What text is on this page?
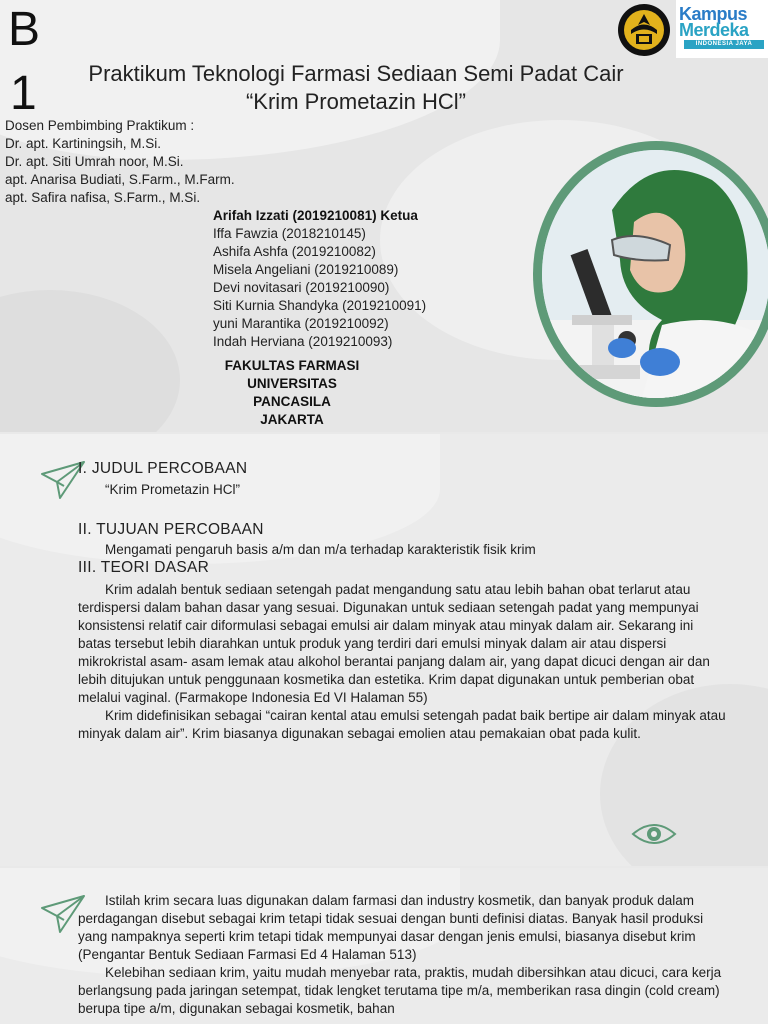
B
1	Praktikum Teknologi Farmasi Sediaan Semi Padat Cair
“Krim Prometazin HCl”
Dosen Pembimbing Praktikum :
Dr. apt. Kartiningsih, M.Si.
Dr. apt. Siti Umrah noor, M.Si.
apt. Anarisa Budiati, S.Farm., M.Farm.
apt. Safira nafisa, S.Farm., M.Si.
Arifah Izzati (2019210081) Ketua
Iffa Fawzia (2018210145)
Ashifa Ashfa (2019210082)
Misela Angeliani (2019210089)
Devi novitasari (2019210090)
Siti Kurnia Shandyka (2019210091)
yuni Marantika (2019210092)
Indah Herviana (2019210093)
FAKULTAS FARMASI
UNIVERSITAS
PANCASILA
JAKARTA
Kampus
Merdeka
INDONESIA JAYA
I. JUDUL PERCOBAAN
“Krim Prometazin HCl”
II. TUJUAN PERCOBAAN
Mengamati pengaruh basis a/m dan m/a terhadap karakteristik fisik krim
III. TEORI DASAR

Krim adalah bentuk sediaan setengah padat mengandung satu atau lebih bahan obat terlarut atau terdispersi dalam bahan dasar yang sesuai. Digunakan untuk sediaan setengah padat yang mempunyai konsistensi relatif cair diformulasi sebagai emulsi air dalam minyak atau minyak dalam air. Sekarang ini batas tersebut lebih diarahkan untuk produk yang terdiri dari emulsi minyak dalam air atau dispersi mikrokristal asam- asam lemak atau alkohol berantai panjang dalam air, yang dapat dicuci dengan air dan lebih ditujukan untuk penggunaan kosmetika dan estetika. Krim dapat digunakan untuk pemberian obat melalui vaginal. (Farmakope Indonesia Ed VI Halaman 55)

Krim didefinisikan sebagai “cairan kental atau emulsi setengah padat baik bertipe air dalam minyak atau minyak dalam air”. Krim biasanya digunakan sebagai emolien atau pemakaian obat pada kulit.

Istilah krim secara luas digunakan dalam farmasi dan industry kosmetik, dan banyak produk dalam perdagangan disebut sebagai krim tetapi tidak sesuai dengan bunti definisi diatas. Banyak hasil produksi yang nampaknya seperti krim tetapi tidak mempunyai dasar dengan jenis emulsi, biasanya disebut krim (Pengantar Bentuk Sediaan Farmasi Ed 4 Halaman 513)

Kelebihan sediaan krim, yaitu mudah menyebar rata, praktis, mudah dibersihkan atau dicuci, cara kerja berlangsung pada jaringan setempat, tidak lengket terutama tipe m/a, memberikan rasa dingin (cold cream) berupa tipe a/m, digunakan sebagai kosmetik, bahan
